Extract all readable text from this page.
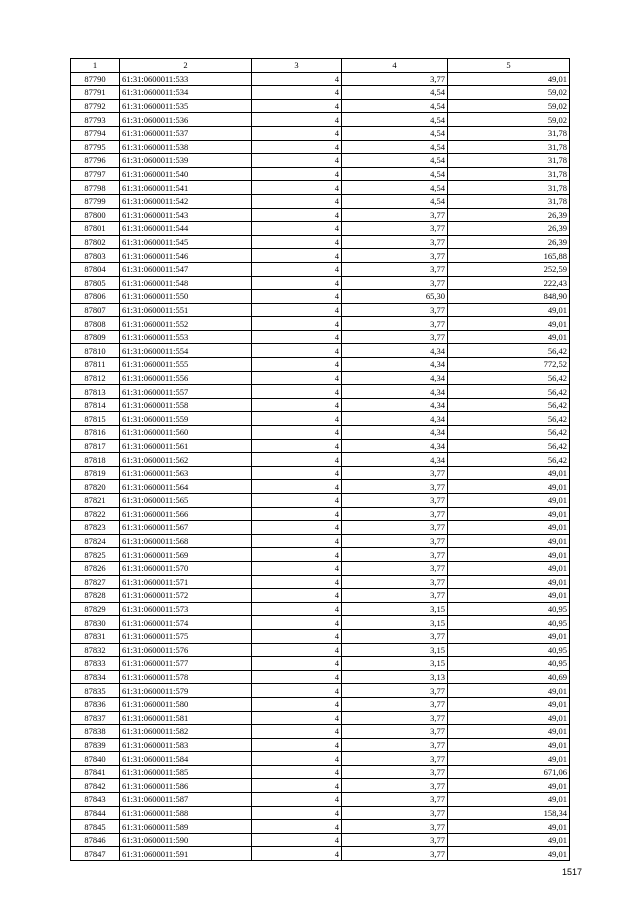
1	2	3	4	5
87790	61:31:0600011:533	4	3,77	49,01
87791	61:31:0600011:534	4	4,54	59,02
87792	61:31:0600011:535	4	4,54	59,02
87793	61:31:0600011:536	4	4,54	59,02
87794	61:31:0600011:537	4	4,54	31,78
87795	61:31:0600011:538	4	4,54	31,78
87796	61:31:0600011:539	4	4,54	31,78
87797	61:31:0600011:540	4	4,54	31,78
87798	61:31:0600011:541	4	4,54	31,78
87799	61:31:0600011:542	4	4,54	31,78
87800	61:31:0600011:543	4	3,77	26,39
87801	61:31:0600011:544	4	3,77	26,39
87802	61:31:0600011:545	4	3,77	26,39
87803	61:31:0600011:546	4	3,77	165,88
87804	61:31:0600011:547	4	3,77	252,59
87805	61:31:0600011:548	4	3,77	222,43
87806	61:31:0600011:550	4	65,30	848,90
87807	61:31:0600011:551	4	3,77	49,01
87808	61:31:0600011:552	4	3,77	49,01
87809	61:31:0600011:553	4	3,77	49,01
87810	61:31:0600011:554	4	4,34	56,42
87811	61:31:0600011:555	4	4,34	772,52
87812	61:31:0600011:556	4	4,34	56,42
87813	61:31:0600011:557	4	4,34	56,42
87814	61:31:0600011:558	4	4,34	56,42
87815	61:31:0600011:559	4	4,34	56,42
87816	61:31:0600011:560	4	4,34	56,42
87817	61:31:0600011:561	4	4,34	56,42
87818	61:31:0600011:562	4	4,34	56,42
87819	61:31:0600011:563	4	3,77	49,01
87820	61:31:0600011:564	4	3,77	49,01
87821	61:31:0600011:565	4	3,77	49,01
87822	61:31:0600011:566	4	3,77	49,01
87823	61:31:0600011:567	4	3,77	49,01
87824	61:31:0600011:568	4	3,77	49,01
87825	61:31:0600011:569	4	3,77	49,01
87826	61:31:0600011:570	4	3,77	49,01
87827	61:31:0600011:571	4	3,77	49,01
87828	61:31:0600011:572	4	3,77	49,01
87829	61:31:0600011:573	4	3,15	40,95
87830	61:31:0600011:574	4	3,15	40,95
87831	61:31:0600011:575	4	3,77	49,01
87832	61:31:0600011:576	4	3,15	40,95
87833	61:31:0600011:577	4	3,15	40,95
87834	61:31:0600011:578	4	3,13	40,69
87835	61:31:0600011:579	4	3,77	49,01
87836	61:31:0600011:580	4	3,77	49,01
87837	61:31:0600011:581	4	3,77	49,01
87838	61:31:0600011:582	4	3,77	49,01
87839	61:31:0600011:583	4	3,77	49,01
87840	61:31:0600011:584	4	3,77	49,01
87841	61:31:0600011:585	4	3,77	671,06
87842	61:31:0600011:586	4	3,77	49,01
87843	61:31:0600011:587	4	3,77	49,01
87844	61:31:0600011:588	4	3,77	158,34
87845	61:31:0600011:589	4	3,77	49,01
87846	61:31:0600011:590	4	3,77	49,01
87847	61:31:0600011:591	4	3,77	49,01
1517
